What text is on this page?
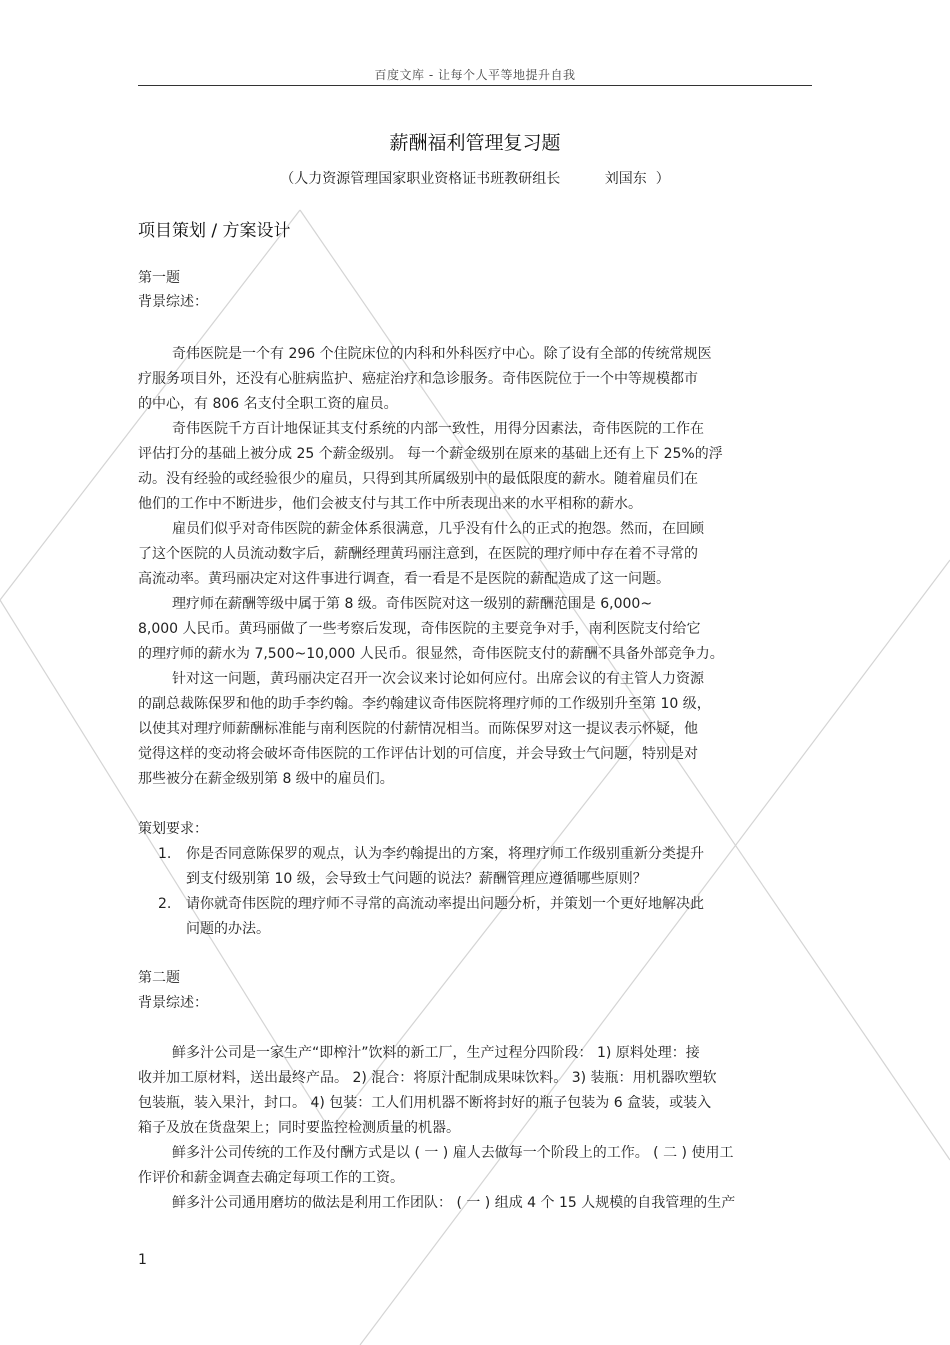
百度文库 - 让每个人平等地提升自我
薪酬福利管理复习题
（人力资源管理国家职业资格证书班教研组长          刘国东  ）
项目策划 / 方案设计
第一题
背景综述：
奇伟医院是一个有 296 个住院床位的内科和外科医疗中心。除了设有全部的传统常规医
疗服务项目外，还没有心脏病监护、癌症治疗和急诊服务。奇伟医院位于一个中等规模都市
的中心，有 806 名支付全职工资的雇员。
奇伟医院千方百计地保证其支付系统的内部一致性，用得分因素法，奇伟医院的工作在
评估打分的基础上被分成 25 个薪金级别。 每一个薪金级别在原来的基础上还有上下 25%的浮
动。没有经验的或经验很少的雇员，只得到其所属级别中的最低限度的薪水。随着雇员们在
他们的工作中不断进步，他们会被支付与其工作中所表现出来的水平相称的薪水。
雇员们似乎对奇伟医院的薪金体系很满意，几乎没有什么的正式的抱怨。然而，在回顾
了这个医院的人员流动数字后，薪酬经理黄玛丽注意到，在医院的理疗师中存在着不寻常的
高流动率。黄玛丽决定对这件事进行调查，看一看是不是医院的薪配造成了这一问题。
理疗师在薪酬等级中属于第 8 级。奇伟医院对这一级别的薪酬范围是 6,000~
8,000 人民币。黄玛丽做了一些考察后发现，奇伟医院的主要竞争对手，南利医院支付给它
的理疗师的薪水为 7,500~10,000 人民币。很显然，奇伟医院支付的薪酬不具备外部竞争力。
针对这一问题，黄玛丽决定召开一次会议来讨论如何应付。出席会议的有主管人力资源
的副总裁陈保罗和他的助手李约翰。李约翰建议奇伟医院将理疗师的工作级别升至第 10 级，
以使其对理疗师薪酬标准能与南利医院的付薪情况相当。而陈保罗对这一提议表示怀疑，他
觉得这样的变动将会破坏奇伟医院的工作评估计划的可信度，并会导致士气问题，特别是对
那些被分在薪金级别第 8 级中的雇员们。
策划要求：
1. 你是否同意陈保罗的观点，认为李约翰提出的方案，将理疗师工作级别重新分类提升
到支付级别第 10 级，会导致士气问题的说法？薪酬管理应遵循哪些原则？
2. 请你就奇伟医院的理疗师不寻常的高流动率提出问题分析，并策划一个更好地解决此
问题的办法。
第二题
背景综述：
鲜多汁公司是一家生产“即榨汁”饮料的新工厂，生产过程分四阶段： 1) 原料处理：接
收并加工原材料，送出最终产品。 2) 混合：将原汁配制成果味饮料。 3) 装瓶：用机器吹塑软
包装瓶，装入果汁，封口。 4) 包装：工人们用机器不断将封好的瓶子包装为 6 盒装，或装入
箱子及放在货盘架上；同时要监控检测质量的机器。
鲜多汁公司传统的工作及付酬方式是以 ( 一 ) 雇人去做每一个阶段上的工作。 ( 二 ) 使用工
作评价和薪金调查去确定每项工作的工资。
鲜多汁公司通用磨坊的做法是利用工作团队： ( 一 ) 组成 4 个 15 人规模的自我管理的生产
1
